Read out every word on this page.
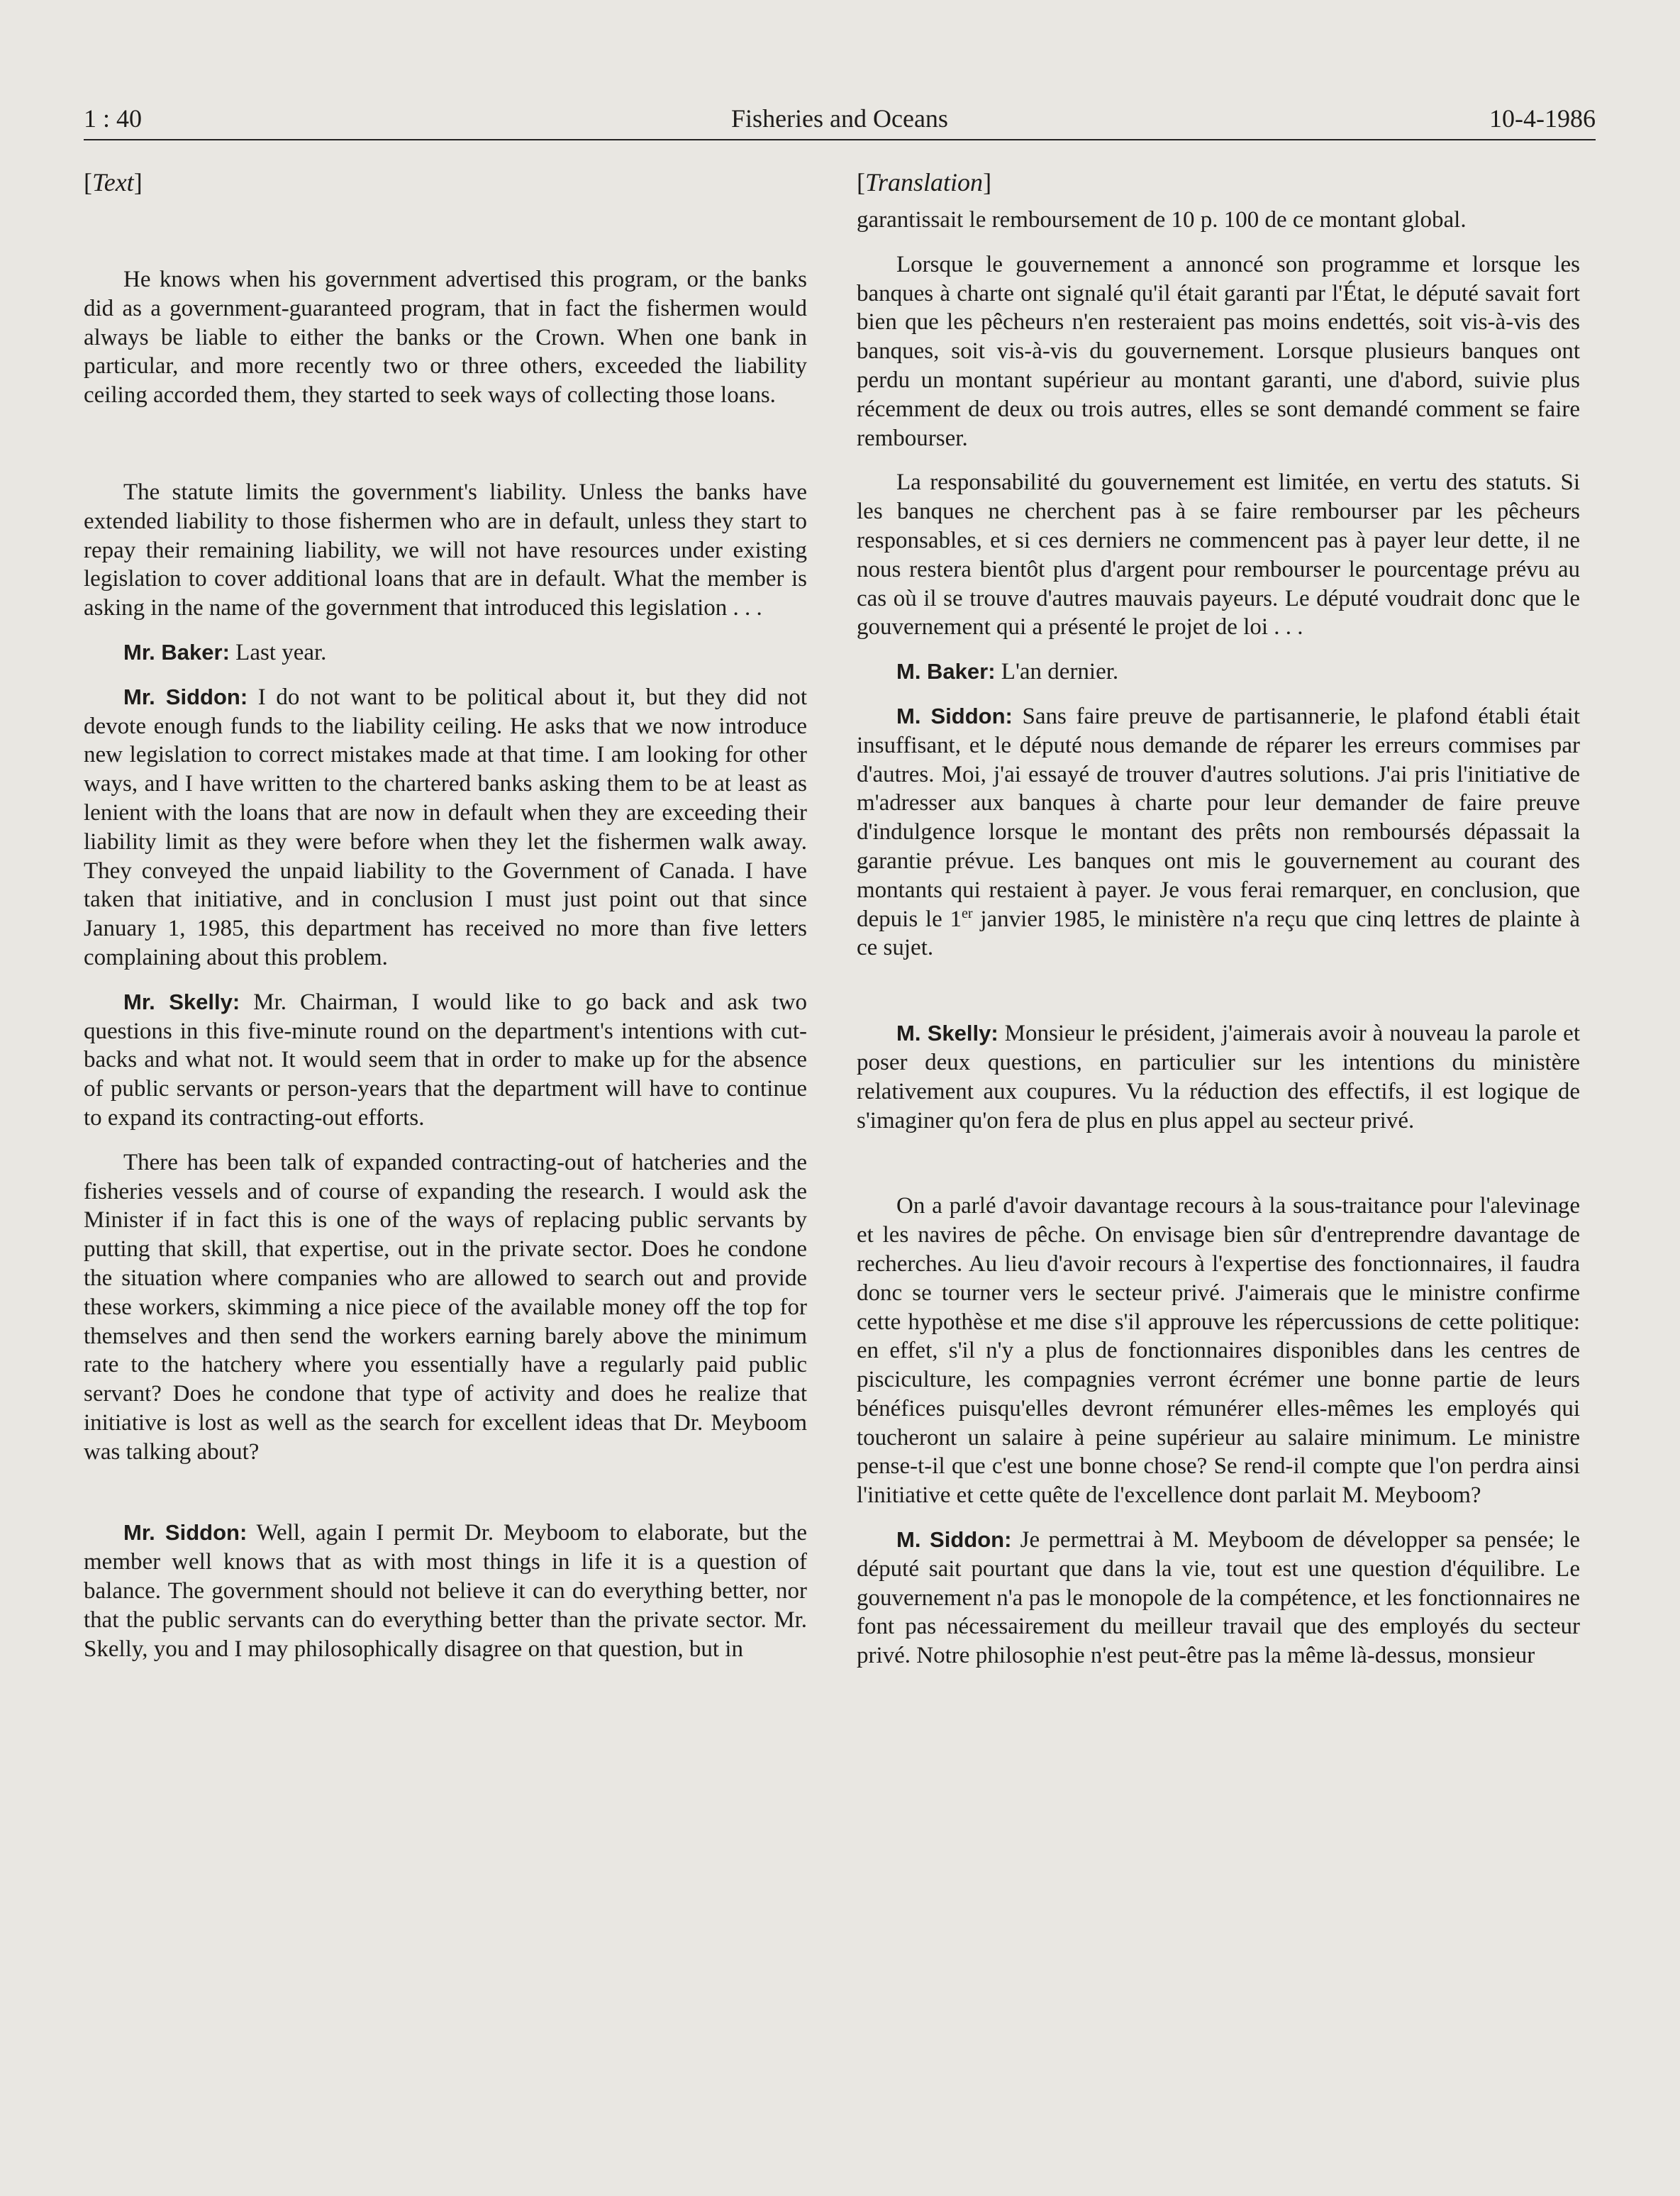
1 : 40	Fisheries and Oceans	10-4-1986
[Text]

He knows when his government advertised this program, or the banks did as a government-guaranteed program, that in fact the fishermen would always be liable to either the banks or the Crown. When one bank in particular, and more recently two or three others, exceeded the liability ceiling accorded them, they started to seek ways of collecting those loans.

The statute limits the government's liability. Unless the banks have extended liability to those fishermen who are in default, unless they start to repay their remaining liability, we will not have resources under existing legislation to cover additional loans that are in default. What the member is asking in the name of the government that introduced this legislation . . .

Mr. Baker: Last year.

Mr. Siddon: I do not want to be political about it, but they did not devote enough funds to the liability ceiling. He asks that we now introduce new legislation to correct mistakes made at that time. I am looking for other ways, and I have written to the chartered banks asking them to be at least as lenient with the loans that are now in default when they are exceeding their liability limit as they were before when they let the fishermen walk away. They conveyed the unpaid liability to the Government of Canada. I have taken that initiative, and in conclusion I must just point out that since January 1, 1985, this department has received no more than five letters complaining about this problem.

Mr. Skelly: Mr. Chairman, I would like to go back and ask two questions in this five-minute round on the department's intentions with cut-backs and what not. It would seem that in order to make up for the absence of public servants or person-years that the department will have to continue to expand its contracting-out efforts.

There has been talk of expanded contracting-out of hatcheries and the fisheries vessels and of course of expanding the research. I would ask the Minister if in fact this is one of the ways of replacing public servants by putting that skill, that expertise, out in the private sector. Does he condone the situation where companies who are allowed to search out and provide these workers, skimming a nice piece of the available money off the top for themselves and then send the workers earning barely above the minimum rate to the hatchery where you essentially have a regularly paid public servant? Does he condone that type of activity and does he realize that initiative is lost as well as the search for excellent ideas that Dr. Meyboom was talking about?

Mr. Siddon: Well, again I permit Dr. Meyboom to elaborate, but the member well knows that as with most things in life it is a question of balance. The government should not believe it can do everything better, nor that the public servants can do everything better than the private sector. Mr. Skelly, you and I may philosophically disagree on that question, but in

[Translation]

garantissait le remboursement de 10 p. 100 de ce montant global.

Lorsque le gouvernement a annoncé son programme et lorsque les banques à charte ont signalé qu'il était garanti par l'État, le député savait fort bien que les pêcheurs n'en resteraient pas moins endettés, soit vis-à-vis des banques, soit vis-à-vis du gouvernement. Lorsque plusieurs banques ont perdu un montant supérieur au montant garanti, une d'abord, suivie plus récemment de deux ou trois autres, elles se sont demandé comment se faire rembourser.

La responsabilité du gouvernement est limitée, en vertu des statuts. Si les banques ne cherchent pas à se faire rembourser par les pêcheurs responsables, et si ces derniers ne commencent pas à payer leur dette, il ne nous restera bientôt plus d'argent pour rembourser le pourcentage prévu au cas où il se trouve d'autres mauvais payeurs. Le député voudrait donc que le gouvernement qui a présenté le projet de loi . . .

M. Baker: L'an dernier.

M. Siddon: Sans faire preuve de partisannerie, le plafond établi était insuffisant, et le député nous demande de réparer les erreurs commises par d'autres. Moi, j'ai essayé de trouver d'autres solutions. J'ai pris l'initiative de m'adresser aux banques à charte pour leur demander de faire preuve d'indulgence lorsque le montant des prêts non remboursés dépassait la garantie prévue. Les banques ont mis le gouvernement au courant des montants qui restaient à payer. Je vous ferai remarquer, en conclusion, que depuis le 1er janvier 1985, le ministère n'a reçu que cinq lettres de plainte à ce sujet.

M. Skelly: Monsieur le président, j'aimerais avoir à nouveau la parole et poser deux questions, en particulier sur les intentions du ministère relativement aux coupures. Vu la réduction des effectifs, il est logique de s'imaginer qu'on fera de plus en plus appel au secteur privé.

On a parlé d'avoir davantage recours à la sous-traitance pour l'alevinage et les navires de pêche. On envisage bien sûr d'entreprendre davantage de recherches. Au lieu d'avoir recours à l'expertise des fonctionnaires, il faudra donc se tourner vers le secteur privé. J'aimerais que le ministre confirme cette hypothèse et me dise s'il approuve les répercussions de cette politique: en effet, s'il n'y a plus de fonctionnaires disponibles dans les centres de pisciculture, les compagnies verront écrémer une bonne partie de leurs bénéfices puisqu'elles devront rémunérer elles-mêmes les employés qui toucheront un salaire à peine supérieur au salaire minimum. Le ministre pense-t-il que c'est une bonne chose? Se rend-il compte que l'on perdra ainsi l'initiative et cette quête de l'excellence dont parlait M. Meyboom?

M. Siddon: Je permettrai à M. Meyboom de développer sa pensée; le député sait pourtant que dans la vie, tout est une question d'équilibre. Le gouvernement n'a pas le monopole de la compétence, et les fonctionnaires ne font pas nécessairement du meilleur travail que des employés du secteur privé. Notre philosophie n'est peut-être pas la même là-dessus, monsieur
